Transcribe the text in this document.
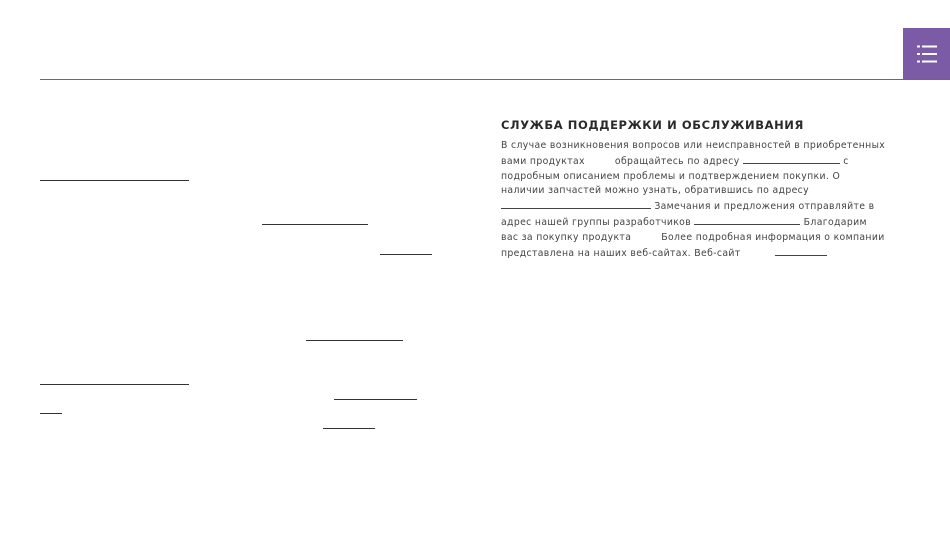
СЛУЖБА ПОДДЕРЖКИ И ОБСЛУЖИВАНИЯ

В случае возникновения вопросов или неисправностей в приобретенных вами продуктах	обращайтесь по адресу	с подробным описанием проблемы и подтверждением покупки. О наличии запчастей можно узнать, обратившись по адресу  Замечания и предложения отправляйте в адрес нашей группы разработчиков	Благодарим вас за покупку продукта	Более подробная информация о компании представлена на наших веб-сайтах. Веб-сайт
